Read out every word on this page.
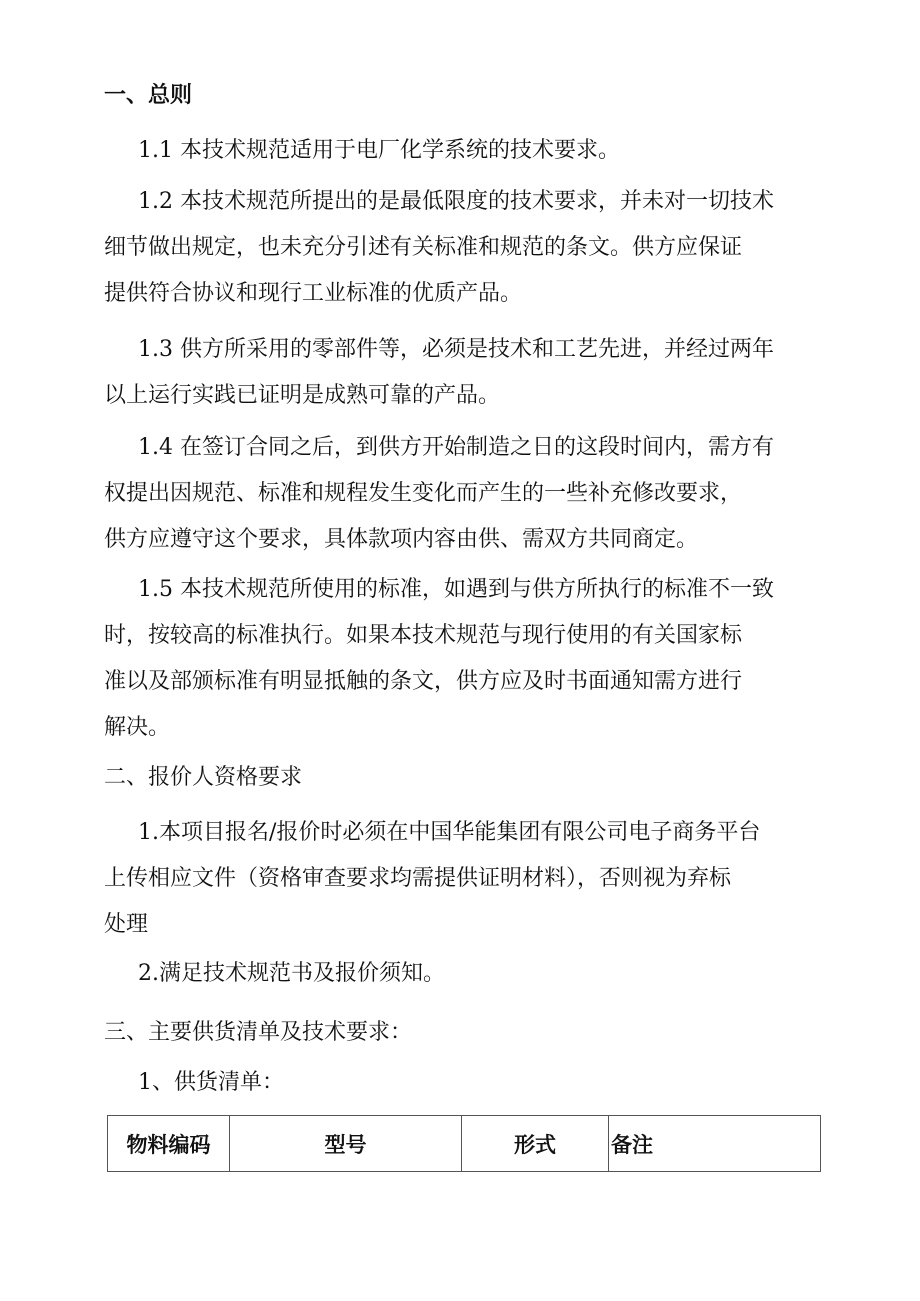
一、总则
1.1 本技术规范适用于电厂化学系统的技术要求。
1.2 本技术规范所提出的是最低限度的技术要求，并未对一切技术
细节做出规定，也未充分引述有关标准和规范的条文。供方应保证
提供符合协议和现行工业标准的优质产品。
1.3 供方所采用的零部件等，必须是技术和工艺先进，并经过两年
以上运行实践已证明是成熟可靠的产品。
1.4 在签订合同之后，到供方开始制造之日的这段时间内，需方有
权提出因规范、标准和规程发生变化而产生的一些补充修改要求，
供方应遵守这个要求，具体款项内容由供、需双方共同商定。
1.5 本技术规范所使用的标准，如遇到与供方所执行的标准不一致
时，按较高的标准执行。如果本技术规范与现行使用的有关国家标
准以及部颁标准有明显抵触的条文，供方应及时书面通知需方进行
解决。
二、报价人资格要求
1.本项目报名/报价时必须在中国华能集团有限公司电子商务平台
上传相应文件（资格审查要求均需提供证明材料），否则视为弃标
处理
2.满足技术规范书及报价须知。
三、主要供货清单及技术要求：
1、供货清单：
物料编码	型号	形式	备注
